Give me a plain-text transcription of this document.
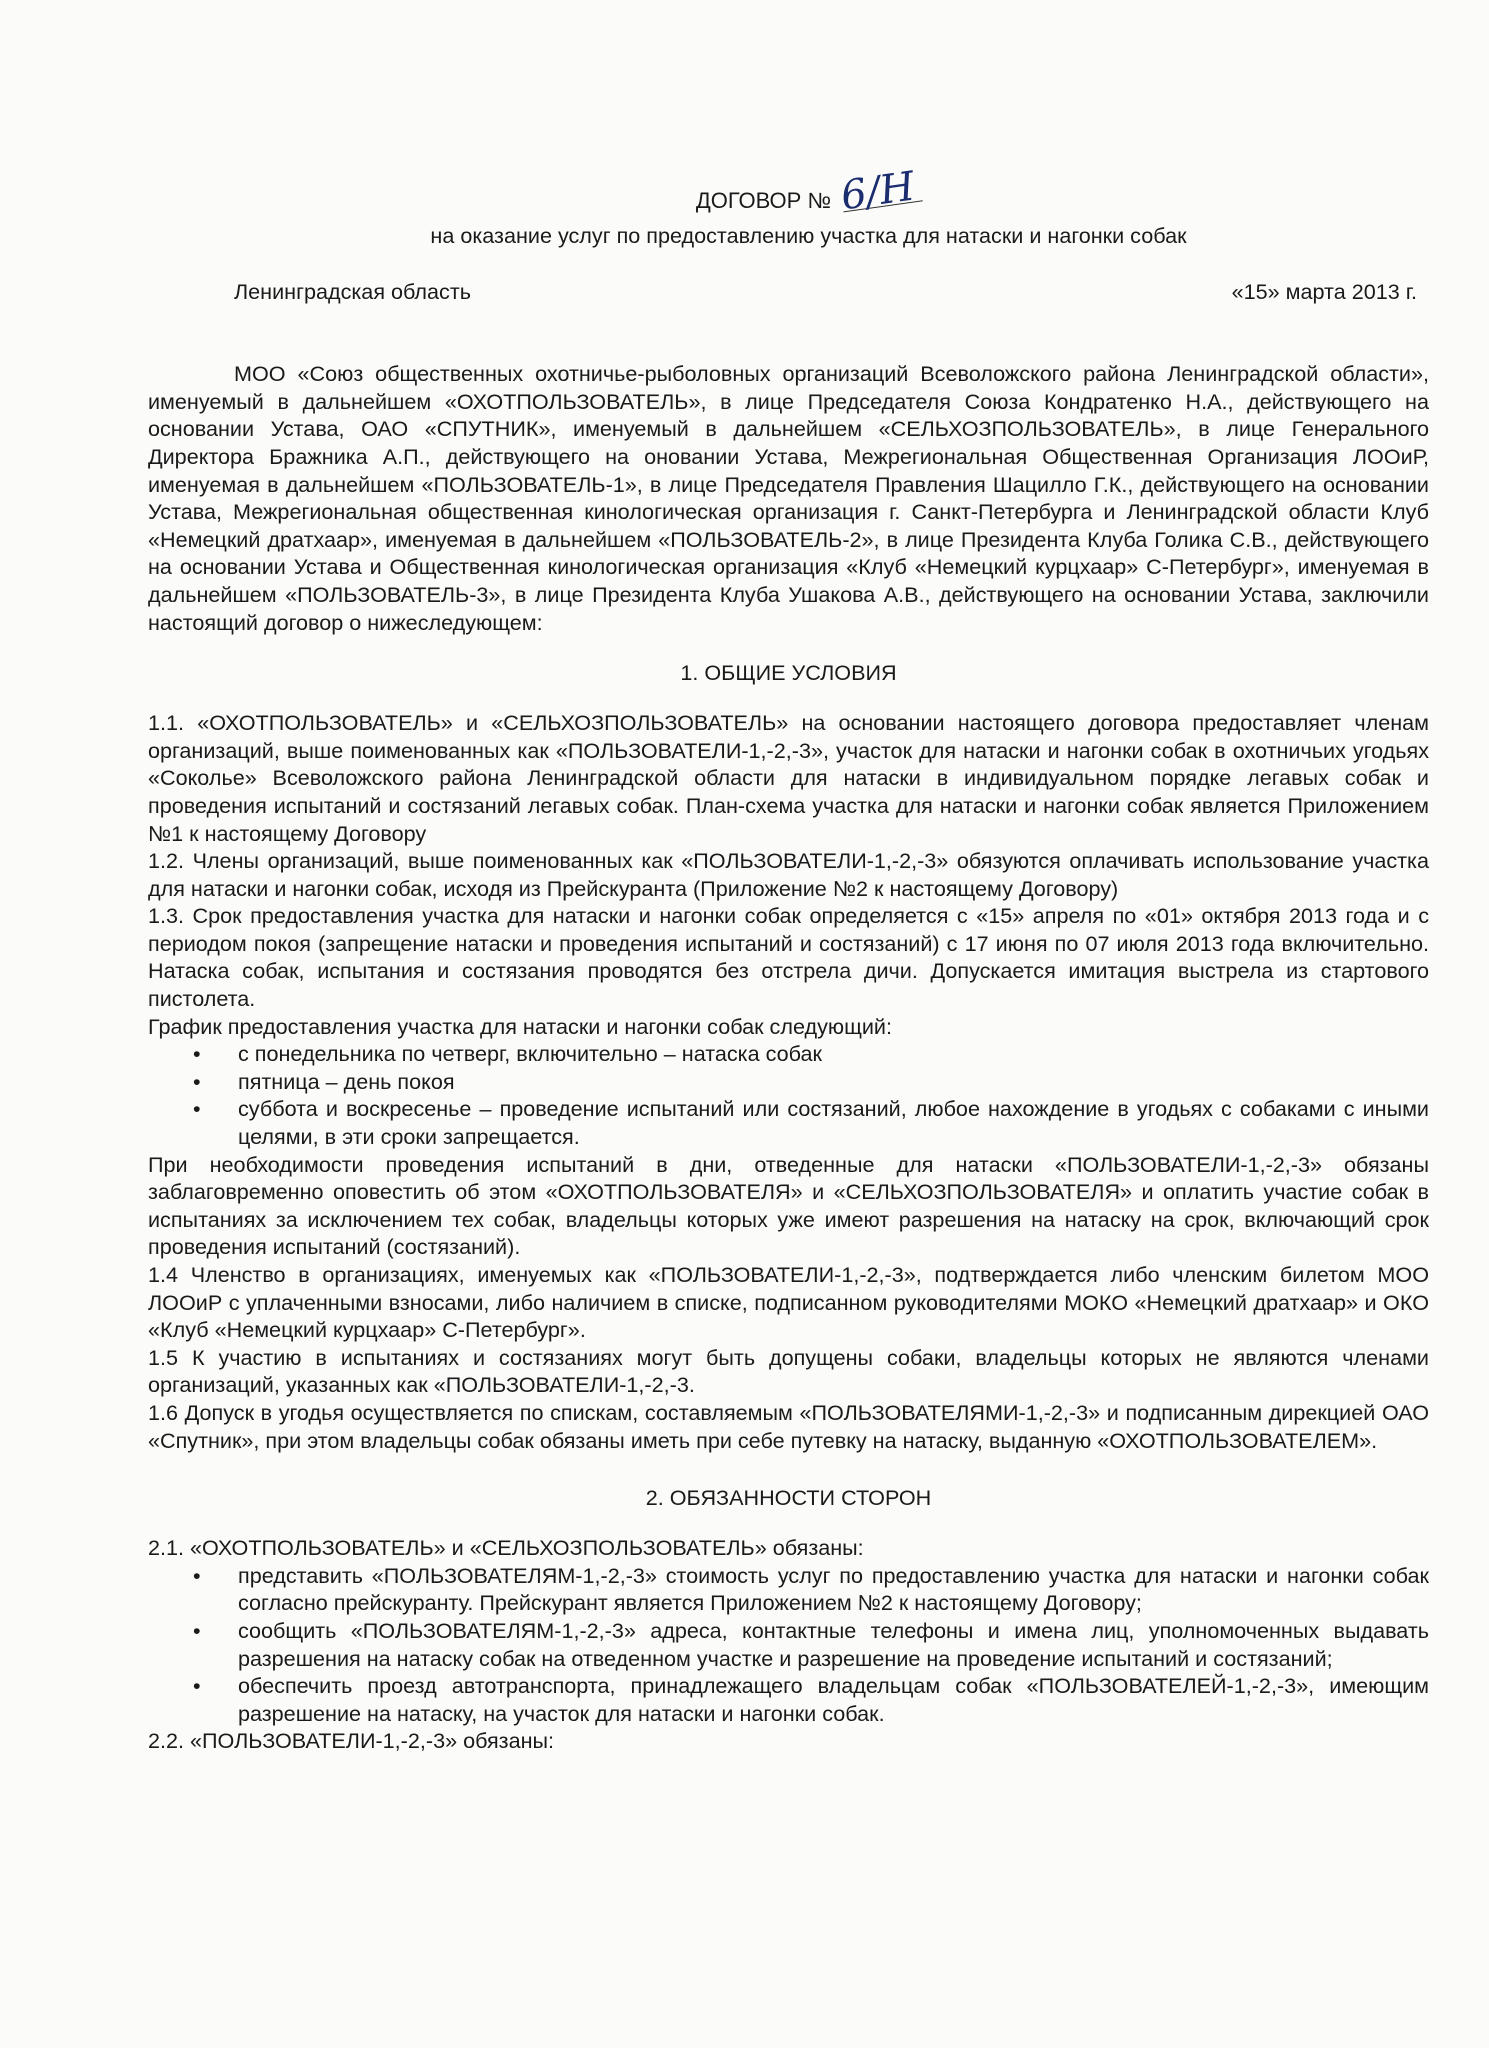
ДОГОВОР № 6/Н
на оказание услуг по предоставлению участка для натаски и нагонки собак
Ленинградская область	«15» марта 2013 г.

МОО «Союз общественных охотничье-рыболовных организаций Всеволожского района Ленинградской области», именуемый в дальнейшем «ОХОТПОЛЬЗОВАТЕЛЬ», в лице Председателя Союза Кондратенко Н.А., действующего на основании Устава, ОАО «СПУТНИК», именуемый в дальнейшем «СЕЛЬХОЗПОЛЬЗОВАТЕЛЬ», в лице Генерального Директора Бражника А.П., действующего на оновании Устава, Межрегиональная Общественная Организация ЛООиР, именуемая в дальнейшем «ПОЛЬЗОВАТЕЛЬ-1», в лице Председателя Правления Шацилло Г.К., действующего на основании Устава, Межрегиональная общественная кинологическая организация г. Санкт-Петербурга и Ленинградской области Клуб «Немецкий дратхаар», именуемая в дальнейшем «ПОЛЬЗОВАТЕЛЬ-2», в лице Президента Клуба Голика С.В., действующего на основании Устава и Общественная кинологическая организация «Клуб «Немецкий курцхаар» С-Петербург», именуемая в дальнейшем «ПОЛЬЗОВАТЕЛЬ-3», в лице Президента Клуба Ушакова А.В., действующего на основании Устава, заключили настоящий договор о нижеследующем:

1. ОБЩИЕ УСЛОВИЯ

1.1. «ОХОТПОЛЬЗОВАТЕЛЬ» и «СЕЛЬХОЗПОЛЬЗОВАТЕЛЬ» на основании настоящего договора предоставляет членам организаций, выше поименованных как «ПОЛЬЗОВАТЕЛИ-1,-2,-3», участок для натаски и нагонки собак в охотничьих угодьях «Соколье» Всеволожского района Ленинградской области для натаски в индивидуальном порядке легавых собак и проведения испытаний и состязаний легавых собак. План-схема участка для натаски и нагонки собак является Приложением №1 к настоящему Договору

1.2. Члены организаций, выше поименованных как «ПОЛЬЗОВАТЕЛИ-1,-2,-3» обязуются оплачивать использование участка для натаски и нагонки собак, исходя из Прейскуранта (Приложение №2 к настоящему Договору)

1.3. Срок предоставления участка для натаски и нагонки собак определяется с «15» апреля по «01» октября 2013 года и с периодом покоя (запрещение натаски и проведения испытаний и состязаний) с 17 июня по 07 июля 2013 года включительно. Натаска собак, испытания и состязания проводятся без отстрела дичи. Допускается имитация выстрела из стартового пистолета.

График предоставления участка для натаски и нагонки собак следующий:

• с понедельника по четверг, включительно – натаска собак
• пятница – день покоя
• суббота и воскресенье – проведение испытаний или состязаний, любое нахождение в угодьях с собаками с иными целями, в эти сроки запрещается.

При необходимости проведения испытаний в дни, отведенные для натаски «ПОЛЬЗОВАТЕЛИ-1,-2,-3» обязаны заблаговременно оповестить об этом «ОХОТПОЛЬЗОВАТЕЛЯ» и «СЕЛЬХОЗПОЛЬЗОВАТЕЛЯ» и оплатить участие собак в испытаниях за исключением тех собак, владельцы которых уже имеют разрешения на натаску на срок, включающий срок проведения испытаний (состязаний).

1.4 Членство в организациях, именуемых как «ПОЛЬЗОВАТЕЛИ-1,-2,-3», подтверждается либо членским билетом МОО ЛООиР с уплаченными взносами, либо наличием в списке, подписанном руководителями МОКО «Немецкий дратхаар» и ОКО «Клуб «Немецкий курцхаар» С-Петербург».

1.5 К участию в испытаниях и состязаниях могут быть допущены собаки, владельцы которых не являются членами организаций, указанных как «ПОЛЬЗОВАТЕЛИ-1,-2,-3.

1.6 Допуск в угодья осуществляется по спискам, составляемым «ПОЛЬЗОВАТЕЛЯМИ-1,-2,-3» и подписанным дирекцией ОАО «Спутник», при этом владельцы собак обязаны иметь при себе путевку на натаску, выданную «ОХОТПОЛЬЗОВАТЕЛЕМ».

2. ОБЯЗАННОСТИ СТОРОН

2.1. «ОХОТПОЛЬЗОВАТЕЛЬ» и «СЕЛЬХОЗПОЛЬЗОВАТЕЛЬ» обязаны:

• представить «ПОЛЬЗОВАТЕЛЯМ-1,-2,-3» стоимость услуг по предоставлению участка для натаски и нагонки собак согласно прейскуранту. Прейскурант является Приложением №2 к настоящему Договору;
• сообщить «ПОЛЬЗОВАТЕЛЯМ-1,-2,-3» адреса, контактные телефоны и имена лиц, уполномоченных выдавать разрешения на натаску собак на отведенном участке и разрешение на проведение испытаний и состязаний;
• обеспечить проезд автотранспорта, принадлежащего владельцам собак «ПОЛЬЗОВАТЕЛЕЙ-1,-2,-3», имеющим разрешение на натаску, на участок для натаски и нагонки собак.

2.2. «ПОЛЬЗОВАТЕЛИ-1,-2,-3» обязаны:
